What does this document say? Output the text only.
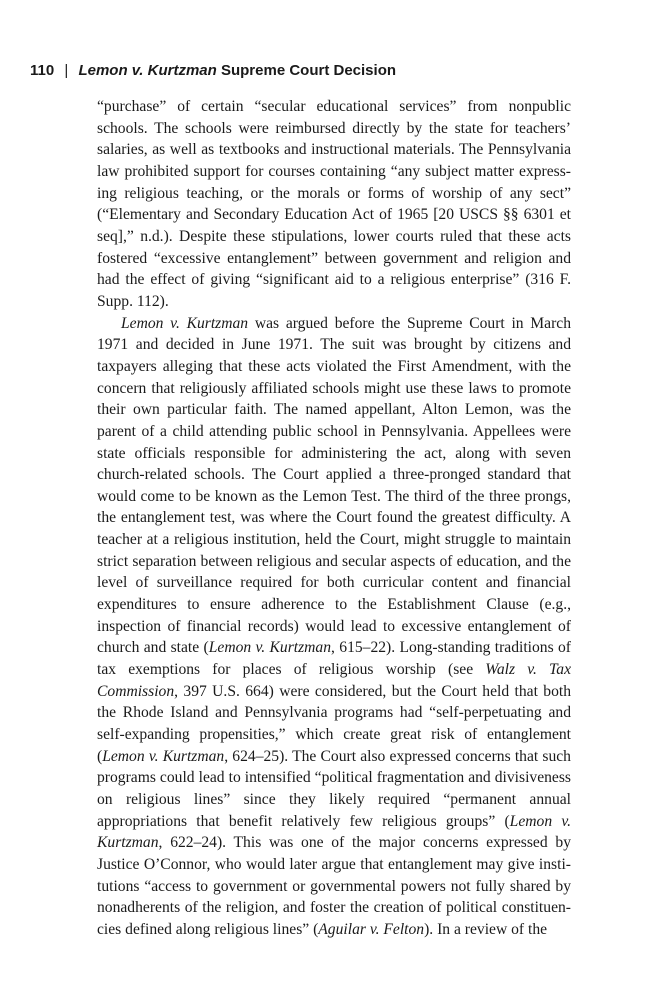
110 | Lemon v. Kurtzman Supreme Court Decision

“purchase” of certain “secular educational services” from nonpublic schools. The schools were reimbursed directly by the state for teachers’ salaries, as well as textbooks and instructional materials. The Pennsylvania law prohibited support for courses containing “any subject matter expressing religious teaching, or the morals or forms of worship of any sect” (“Elementary and Secondary Education Act of 1965 [20 USCS §§ 6301 et seq],” n.d.). Despite these stipulations, lower courts ruled that these acts fostered “excessive entanglement” between government and religion and had the effect of giving “significant aid to a religious enterprise” (316 F. Supp. 112).

Lemon v. Kurtzman was argued before the Supreme Court in March 1971 and decided in June 1971. The suit was brought by citizens and taxpayers alleging that these acts violated the First Amendment, with the concern that religiously affiliated schools might use these laws to promote their own particular faith. The named appellant, Alton Lemon, was the parent of a child attending public school in Pennsylvania. Appellees were state officials responsible for administering the act, along with seven church-related schools. The Court applied a three-pronged standard that would come to be known as the Lemon Test. The third of the three prongs, the entanglement test, was where the Court found the greatest difficulty. A teacher at a religious institution, held the Court, might struggle to maintain strict separation between religious and secular aspects of education, and the level of surveillance required for both curricular content and financial expenditures to ensure adherence to the Establishment Clause (e.g., inspection of financial records) would lead to excessive entanglement of church and state (Lemon v. Kurtzman, 615–22). Long-standing traditions of tax exemptions for places of religious worship (see Walz v. Tax Commission, 397 U.S. 664) were considered, but the Court held that both the Rhode Island and Pennsylvania programs had “self-perpetuating and self-expanding propensities,” which create great risk of entanglement (Lemon v. Kurtzman, 624–25). The Court also expressed concerns that such programs could lead to intensified “political fragmentation and divisiveness on religious lines” since they likely required “permanent annual appropriations that benefit relatively few religious groups” (Lemon v. Kurtzman, 622–24). This was one of the major concerns expressed by Justice O’Connor, who would later argue that entanglement may give institutions “access to government or governmental powers not fully shared by nonadherents of the religion, and foster the creation of political constituencies defined along religious lines” (Aguilar v. Felton). In a review of the
